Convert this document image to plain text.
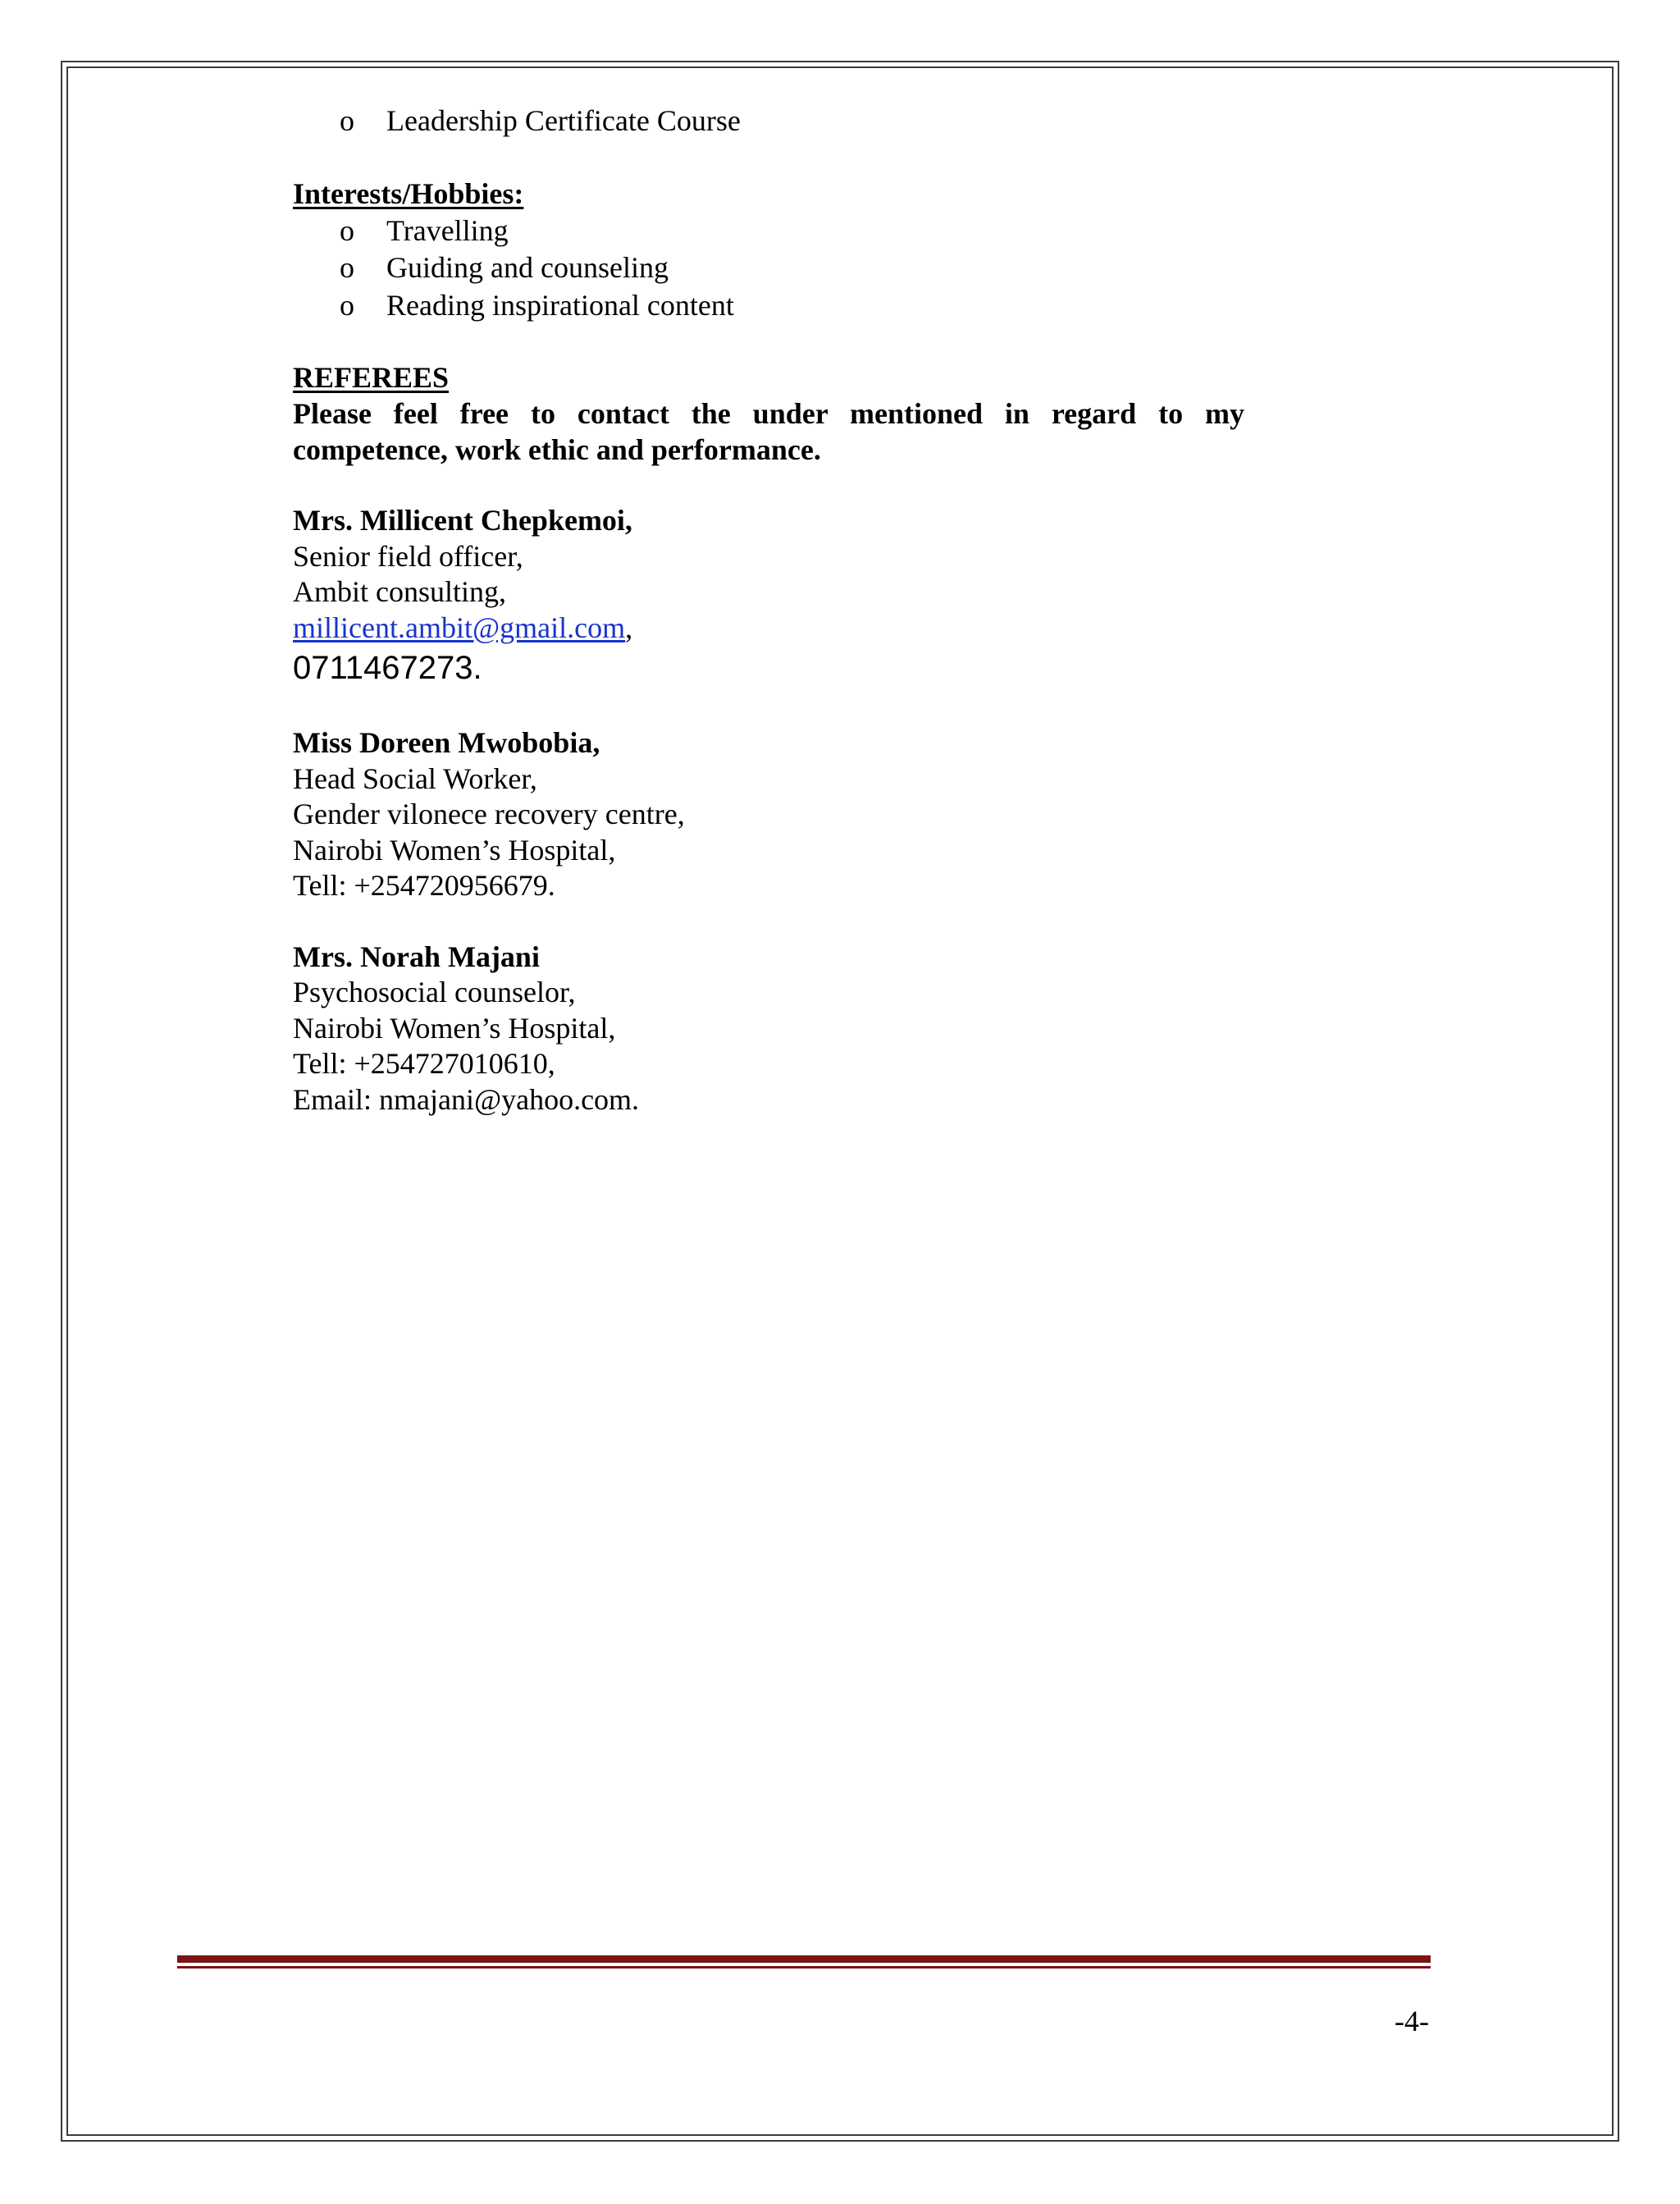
o Leadership Certificate Course
Interests/Hobbies:
o Travelling
o Guiding and counseling
o Reading inspirational content
REFEREES
Please feel free to contact the under mentioned in regard to my competence, work ethic and performance.
Mrs. Millicent Chepkemoi,
Senior field officer,
Ambit consulting,
millicent.ambit@gmail.com,
0711467273.
Miss Doreen Mwobobia,
Head Social Worker,
Gender vilonece recovery centre,
Nairobi Women’s Hospital,
Tell: +254720956679.
Mrs. Norah Majani
Psychosocial counselor,
Nairobi Women’s Hospital,
Tell: +254727010610,
Email: nmajani@yahoo.com.
-4-
